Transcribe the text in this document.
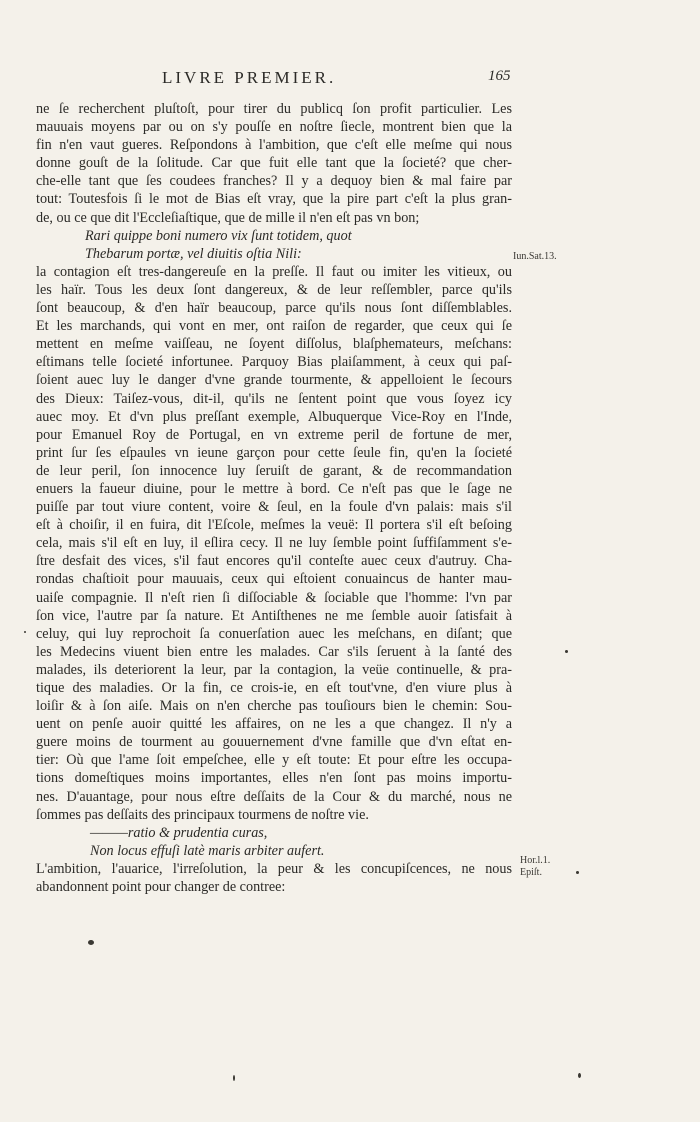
LIVRE PREMIER.	165
ne ſe recherchent pluſtoſt, pour tirer du publicq ſon profit particulier. Les
mauuais moyens par ou on s'y pouſſe en noſtre ſiecle, montrent bien que la
fin n'en vaut gueres. Reſpondons à l'ambition, que c'eſt elle meſme qui nous
donne gouſt de la ſolitude. Car que fuit elle tant que la ſocieté? que cher-
che-elle tant que ſes coudees franches? Il y a dequoy bien & mal faire par
tout: Toutesfois ſi le mot de Bias eſt vray, que la pire part c'eſt la plus gran-
de, ou ce que dit l'Eccleſiaſtique, que de mille il n'en eſt pas vn bon;
Rari quippe boni numero vix ſunt totidem, quot
Thebarum portæ, vel diuitis oſtia Nili:
la contagion eſt tres-dangereuſe en la preſſe. Il faut ou imiter les vitieux, ou
les haïr. Tous les deux ſont dangereux, & de leur reſſembler, parce qu'ils
ſont beaucoup, & d'en haïr beaucoup, parce qu'ils nous ſont diſſemblables.
Et les marchands, qui vont en mer, ont raiſon de regarder, que ceux qui ſe
mettent en meſme vaiſſeau, ne ſoyent diſſolus, blaſphemateurs, meſchans:
eſtimans telle ſocieté infortunee. Parquoy Bias plaiſamment, à ceux qui paſ-
ſoient auec luy le danger d'vne grande tourmente, & appelloient le ſecours
des Dieux: Taiſez-vous, dit-il, qu'ils ne ſentent point que vous ſoyez icy
auec moy. Et d'vn plus preſſant exemple, Albuquerque Vice-Roy en l'Inde,
pour Emanuel Roy de Portugal, en vn extreme peril de fortune de mer,
print ſur ſes eſpaules vn ieune garçon pour cette ſeule fin, qu'en la ſocieté
de leur peril, ſon innocence luy ſeruiſt de garant, & de recommandation
enuers la faueur diuine, pour le mettre à bord. Ce n'eſt pas que le ſage ne
puiſſe par tout viure content, voire & ſeul, en la foule d'vn palais: mais s'il
eſt à choiſir, il en fuira, dit l'Eſcole, meſmes la veuë: Il portera s'il eſt beſoing
cela, mais s'il eſt en luy, il eſlira cecy. Il ne luy ſemble point ſuffiſamment s'e-
ſtre desfait des vices, s'il faut encores qu'il conteſte auec ceux d'autruy. Cha-
rondas chaſtioit pour mauuais, ceux qui eſtoient conuaincus de hanter mau-
uaiſe compagnie. Il n'eſt rien ſi diſſociable & ſociable que l'homme: l'vn par
ſon vice, l'autre par ſa nature. Et Antiſthenes ne me ſemble auoir ſatisfait à
celuy, qui luy reprochoit ſa conuerſation auec les meſchans, en diſant; que
les Medecins viuent bien entre les malades. Car s'ils ſeruent à la ſanté des
malades, ils deteriorent la leur, par la contagion, la veüe continuelle, & pra-
tique des maladies. Or la fin, ce crois-ie, en eſt tout'vne, d'en viure plus à
loiſir & à ſon aiſe. Mais on n'en cherche pas touſiours bien le chemin: Sou-
uent on penſe auoir quitté les affaires, on ne les a que changez. Il n'y a
guere moins de tourment au gouuernement d'vne famille que d'vn eſtat en-
tier: Où que l'ame ſoit empeſchee, elle y eſt toute: Et pour eſtre les occupa-
tions domeſtiques moins importantes, elles n'en ſont pas moins importu-
nes. D'auantage, pour nous eſtre deſſaits de la Cour & du marché, nous ne
ſommes pas deſſaits des principaux tourmens de noſtre vie.
———ratio & prudentia curas,
Non locus effuſi latè maris arbiter aufert.
L'ambition, l'auarice, l'irreſolution, la peur & les concupiſcences, ne nous
abandonnent point pour changer de contree:
Iun.Sat.13.
Hor.l.1.
Epiſt.
